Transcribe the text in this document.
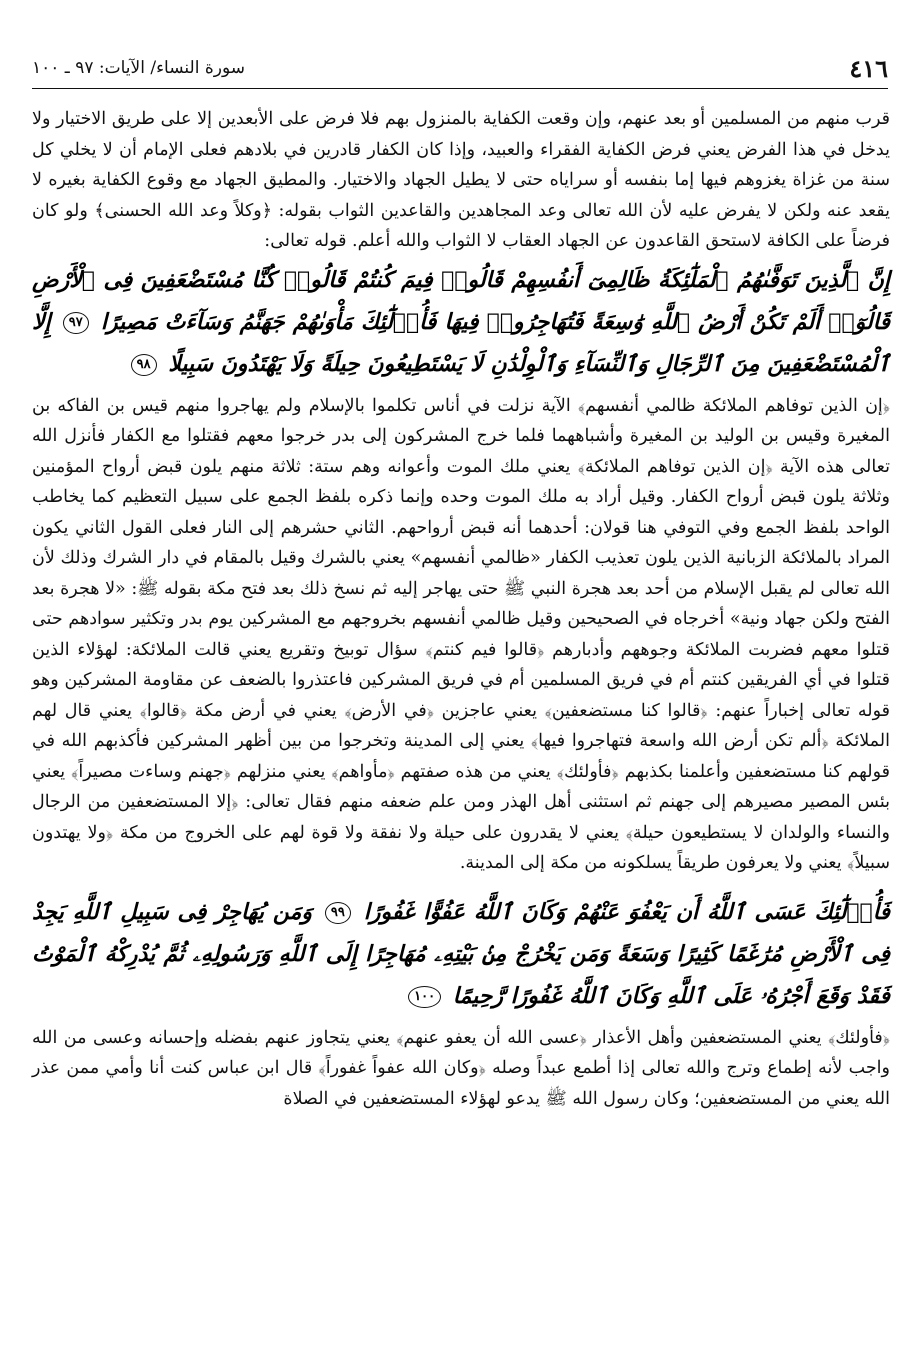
٤١٦
سورة النساء/ الآيات: ٩٧ ـ ١٠٠

قرب منهم من المسلمين أو بعد عنهم، وإن وقعت الكفاية بالمنزول بهم فلا فرض على الأبعدين إلا على طريق الاختيار ولا يدخل في هذا الفرض يعني فرض الكفاية الفقراء والعبيد، وإذا كان الكفار قادرين في بلادهم فعلى الإمام أن لا يخلي كل سنة من غزاة يغزوهم فيها إما بنفسه أو سراياه حتى لا يطيل الجهاد والاختيار. والمطيق الجهاد مع وقوع الكفاية بغيره لا يقعد عنه ولكن لا يفرض عليه لأن الله تعالى وعد المجاهدين والقاعدين الثواب بقوله: ﴿وكلاً وعد الله الحسنى﴾ ولو كان فرضاً على الكافة لاستحق القاعدون عن الجهاد العقاب لا الثواب والله أعلم. قوله تعالى:

إِنَّ ٱلَّذِينَ تَوَفَّىٰهُمُ ٱلْمَلَٰٓئِكَةُ ظَالِمِىٓ أَنفُسِهِمْ قَالُوا۟ فِيمَ كُنتُمْ قَالُوا۟ كُنَّا مُسْتَضْعَفِينَ فِى ٱلْأَرْضِ قَالُوٓا۟ أَلَمْ تَكُنْ أَرْضُ ٱللَّهِ وَٰسِعَةً فَتُهَاجِرُوا۟ فِيهَا فَأُو۟لَٰٓئِكَ مَأْوَىٰهُمْ جَهَنَّمُ وَسَآءَتْ مَصِيرًا ٩٧ إِلَّا ٱلْمُسْتَضْعَفِينَ مِنَ ٱلرِّجَالِ وَٱلنِّسَآءِ وَٱلْوِلْدَٰنِ لَا يَسْتَطِيعُونَ حِيلَةً وَلَا يَهْتَدُونَ سَبِيلًا ٩٨

﴿إن الذين توفاهم الملائكة ظالمي أنفسهم﴾ الآية نزلت في أناس تكلموا بالإسلام ولم يهاجروا منهم قيس بن الفاكه بن المغيرة وقيس بن الوليد بن المغيرة وأشباههما فلما خرج المشركون إلى بدر خرجوا معهم فقتلوا مع الكفار فأنزل الله تعالى هذه الآية ﴿إن الذين توفاهم الملائكة﴾ يعني ملك الموت وأعوانه وهم ستة: ثلاثة منهم يلون قبض أرواح المؤمنين وثلاثة يلون قبض أرواح الكفار. وقيل أراد به ملك الموت وحده وإنما ذكره بلفظ الجمع على سبيل التعظيم كما يخاطب الواحد بلفظ الجمع وفي التوفي هنا قولان: أحدهما أنه قبض أرواحهم. الثاني حشرهم إلى النار فعلى القول الثاني يكون المراد بالملائكة الزبانية الذين يلون تعذيب الكفار «ظالمي أنفسهم» يعني بالشرك وقيل بالمقام في دار الشرك وذلك لأن الله تعالى لم يقبل الإسلام من أحد بعد هجرة النبي ﷺ حتى يهاجر إليه ثم نسخ ذلك بعد فتح مكة بقوله ﷺ: «لا هجرة بعد الفتح ولكن جهاد ونية» أخرجاه في الصحيحين وقيل ظالمي أنفسهم بخروجهم مع المشركين يوم بدر وتكثير سوادهم حتى قتلوا معهم فضربت الملائكة وجوههم وأدبارهم ﴿قالوا فيم كنتم﴾ سؤال توبيخ وتقريع يعني قالت الملائكة: لهؤلاء الذين قتلوا في أي الفريقين كنتم أم في فريق المسلمين أم في فريق المشركين فاعتذروا بالضعف عن مقاومة المشركين وهو قوله تعالى إخباراً عنهم: ﴿قالوا كنا مستضعفين﴾ يعني عاجزين ﴿في الأرض﴾ يعني في أرض مكة ﴿قالوا﴾ يعني قال لهم الملائكة ﴿ألم تكن أرض الله واسعة فتهاجروا فيها﴾ يعني إلى المدينة وتخرجوا من بين أظهر المشركين فأكذبهم الله في قولهم كنا مستضعفين وأعلمنا بكذبهم ﴿فأولئك﴾ يعني من هذه صفتهم ﴿مأواهم﴾ يعني منزلهم ﴿جهنم وساءت مصيراً﴾ يعني بئس المصير مصيرهم إلى جهنم ثم استثنى أهل الهذر ومن علم ضعفه منهم فقال تعالى: ﴿إلا المستضعفين من الرجال والنساء والولدان لا يستطيعون حيلة﴾ يعني لا يقدرون على حيلة ولا نفقة ولا قوة لهم على الخروج من مكة ﴿ولا يهتدون سبيلاً﴾ يعني ولا يعرفون طريقاً يسلكونه من مكة إلى المدينة.

فَأُو۟لَٰٓئِكَ عَسَى ٱللَّهُ أَن يَعْفُوَ عَنْهُمْ وَكَانَ ٱللَّهُ عَفُوًّا غَفُورًا ٩٩ وَمَن يُهَاجِرْ فِى سَبِيلِ ٱللَّهِ يَجِدْ فِى ٱلْأَرْضِ مُرَٰغَمًا كَثِيرًا وَسَعَةً وَمَن يَخْرُجْ مِنۢ بَيْتِهِۦ مُهَاجِرًا إِلَى ٱللَّهِ وَرَسُولِهِۦ ثُمَّ يُدْرِكْهُ ٱلْمَوْتُ فَقَدْ وَقَعَ أَجْرُهُۥ عَلَى ٱللَّهِ وَكَانَ ٱللَّهُ غَفُورًا رَّحِيمًا ١٠٠

﴿فأولئك﴾ يعني المستضعفين وأهل الأعذار ﴿عسى الله أن يعفو عنهم﴾ يعني يتجاوز عنهم بفضله وإحسانه وعسى من الله واجب لأنه إطماع وترج والله تعالى إذا أطمع عبداً وصله ﴿وكان الله عفواً غفوراً﴾ قال ابن عباس كنت أنا وأمي ممن عذر الله يعني من المستضعفين؛ وكان رسول الله ﷺ يدعو لهؤلاء المستضعفين في الصلاة
